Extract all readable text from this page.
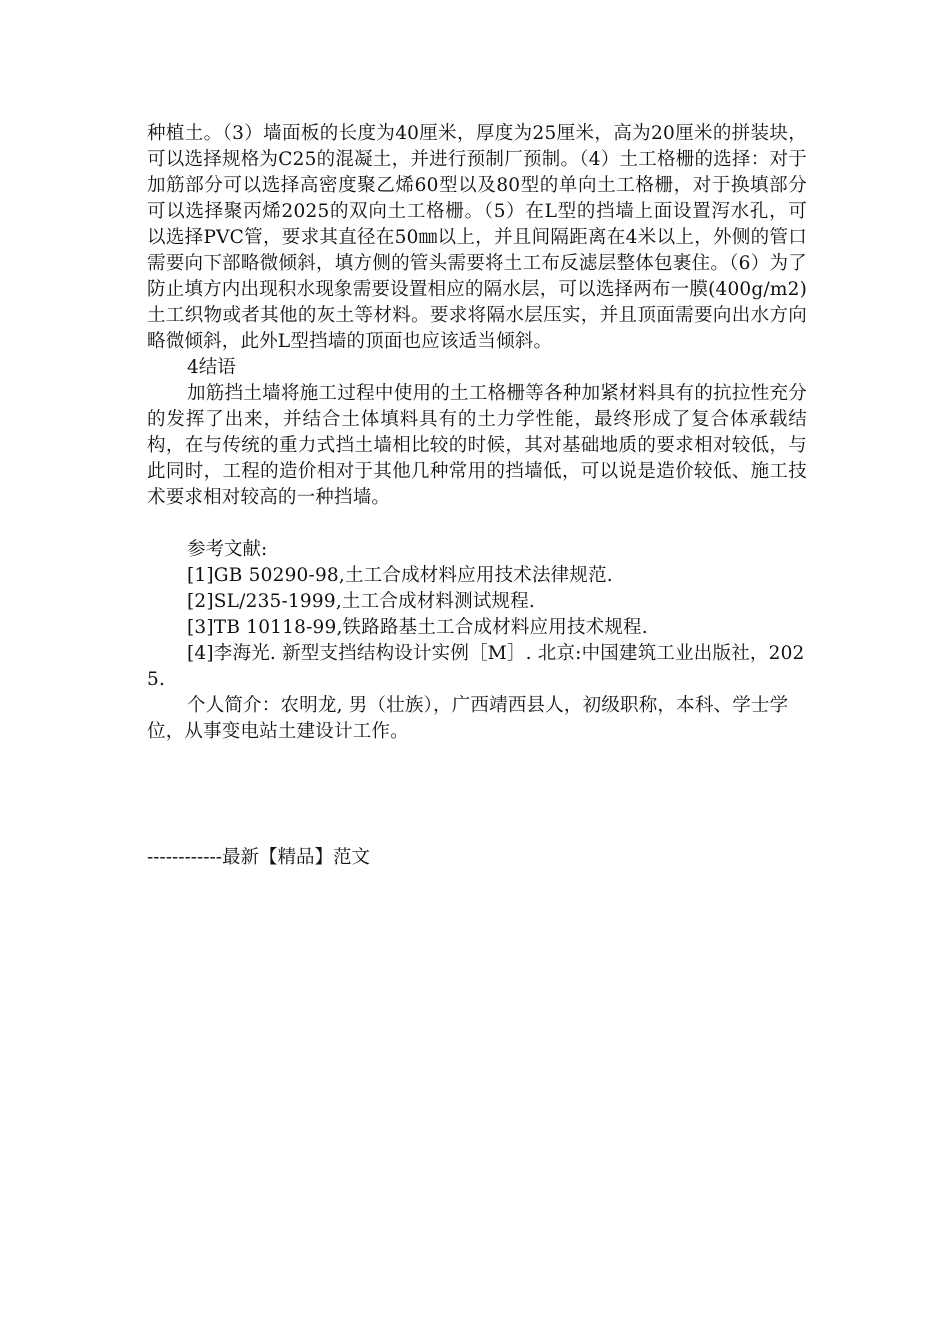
种植土。（3）墙面板的长度为40厘米，厚度为25厘米，高为20厘米的拼装块，可以选择规格为C25的混凝土，并进行预制厂预制。（4）土工格栅的选择：对于加筋部分可以选择高密度聚乙烯60型以及80型的单向土工格栅，对于换填部分可以选择聚丙烯2025的双向土工格栅。（5）在L型的挡墙上面设置泻水孔，可以选择PVC管，要求其直径在50㎜以上，并且间隔距离在4米以上，外侧的管口需要向下部略微倾斜，填方侧的管头需要将土工布反滤层整体包裹住。（6）为了防止填方内出现积水现象需要设置相应的隔水层，可以选择两布一膜(400g/m2)土工织物或者其他的灰土等材料。要求将隔水层压实，并且顶面需要向出水方向略微倾斜，此外L型挡墙的顶面也应该适当倾斜。

4结语

加筋挡土墙将施工过程中使用的土工格栅等各种加紧材料具有的抗拉性充分的发挥了出来，并结合土体填料具有的土力学性能，最终形成了复合体承载结构，在与传统的重力式挡土墙相比较的时候，其对基础地质的要求相对较低，与此同时，工程的造价相对于其他几种常用的挡墙低，可以说是造价较低、施工技术要求相对较高的一种挡墙。

参考文献:

[1]GB 50290-98,土工合成材料应用技术法律规范.

[2]SL/235-1999,土工合成材料测试规程.

[3]TB 10118-99,铁路路基土工合成材料应用技术规程.

[4]李海光. 新型支挡结构设计实例［M］. 北京:中国建筑工业出版社，2025.

个人简介：农明龙, 男（壮族），广西靖西县人，初级职称，本科、学士学位，从事变电站土建设计工作。

------------最新【精品】范文
